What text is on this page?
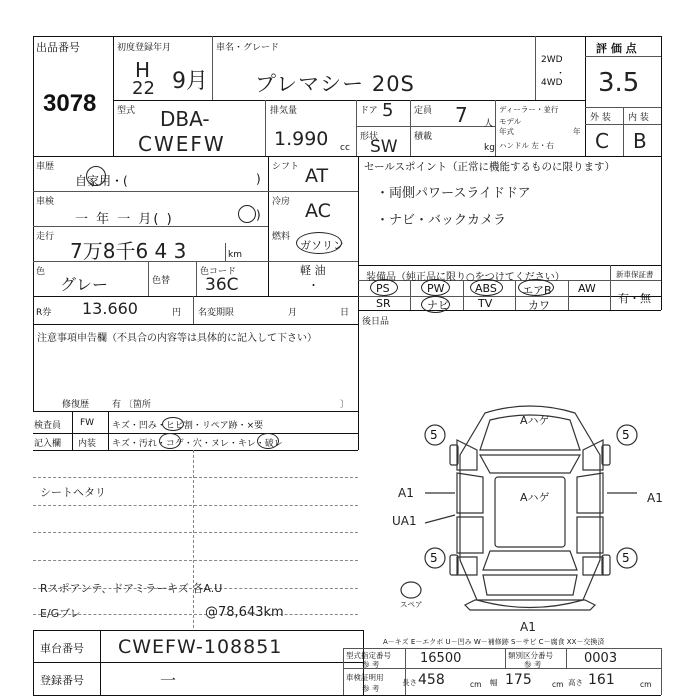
出品番号
3078
初度登録年月
H
22 9月
車名・グレード
プレマシー 20S
2WD
・
4WD
評 価 点
3.5
外 装 内 装
C B
型式 DBA-
CWEFW
排気量
1.990 cc
ドア 5 定員 7 人
形状
SW 積載
kg
ディーラー・並行
モデル
年式	年
ハンドル 左・右
車歴
自家用・(	)
シフト AT	セールスポイント（正常に機能するものに限ります）
・両側パワースライドドア
・ナビ・バックカメラ
車検
一 年 一 月( )	)
冷房 AC
走行
7万8千6 4 3	km
燃料
ガソリン
軽 油
・
色
グレー	色替
色コード
36C	装備品（純正品に限り○をつけてください）	新車保証書
有・無
PS	PW	ABS エアB AW
SR	ナビ	TV	カワ
R券 13.660	円 名変期限	月	日
後日品
注意事項申告欄（不具合の内容等は具体的に記入して下さい）
修復歴	有 〔箇所	〕
検査員
記入欄
FW キズ・凹み・ヒビ割・リペア跡・×要
内装 キズ・汚れ・コゲ・穴・ヌレ・キレ・破レ
シートヘタリ
Rスポアンテ、ドアミラーキズ 各A.U
E/Gブレ	@78,643km
5	5
5	5
Aハゲ
Aハゲ
A1
UA1
A1
A1
スペア
車台番号 CWEFW-108851
登録番号	一
A－キズ E－エクボ U－凹み W－補修跡 S－サビ C－腐食 XX－交換済
型式指定番号
参 考	16500	類別区分番号
参 考	0003
車検証明用
参 考
長さ 458	cm 幅 175	cm 高さ 161	cm
